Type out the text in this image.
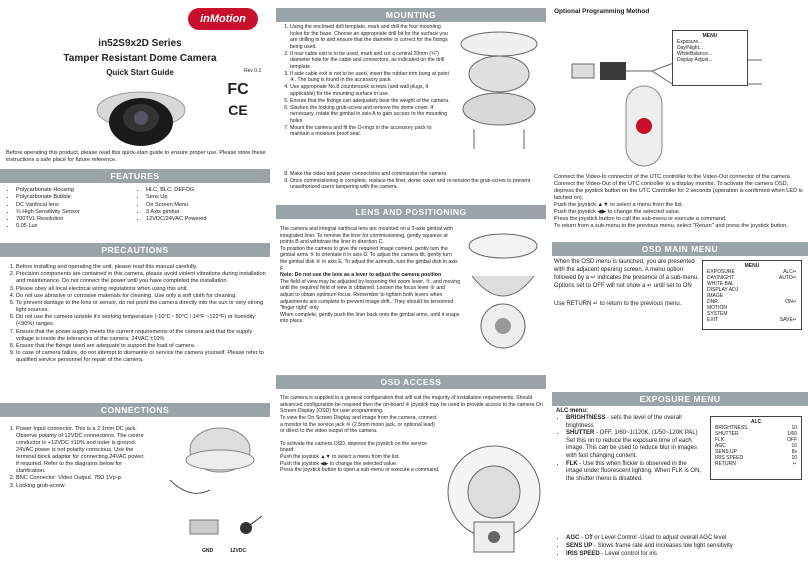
inMotion
in52S9x2D Series
Tamper Resistant Dome Camera
Quick Start Guide	Rev 0.1
FC
CE
Before operating this product, please read this quick-start guide to ensure proper use. Please store these instructions a safe place for future reference.
FEATURES
• Polycarbonate Housing
• Polycarbonate Bubble
• DC Varifocal lens
• ⅓ High Sensitivity Sensor
• 700TVL Resolution
• 0.05 Lux
• HLC, BLC, DEFOG
• Sens Up
• On Screen Menu
• 3 Axis gimbal
• 12VDC/24VAC Powered
PRECAUTIONS
1. Before installing and operating the unit, please read this manual carefully.
2. Precision components are contained in this camera, please avoid violent vibrations during installation and maintenance. Do not connect the power until you have completed the installation.
3. Please obey all local electrical wiring regulations when using this unit.
4. Do not use abrasive or corrosive materials for cleaning. Use only a soft cloth for cleaning.
5. To prevent damage to the lens or sensor, do not point the camera directly into the sun or very strong light sources.
6. Do not use the camera outside it's working temperature (-10°C~ 50°C / 14°F ~122°F) or humidity (<90%) ranges.
7. Ensure that the power supply meets the current requirements of the camera and that the supply voltage is inside the tolerances of the camera: 24VAC ±10%
8. Ensure that the fixings used are adequate to support the load of camera.
9. In case of camera failure, do not attempt to dismantle or service the camera yourself. Please refer to qualified service personnel for repair of the camera.
CONNECTIONS
1. Power Input connector. This is a 2.1mm DC jack. Observe polarity of 12VDC connections. The centre conductor is +12VDC ±10% and outer is ground. 24VAC power is not polarity conscious. Use the terminal block adaptor for connecting 24VAC power, if required. Refer to the diagrams below for clarification.
2. BNC Connector: Video Output. 75Ω 1Vp-p
3. Locking grub-screw
GND	12VDC
MOUNTING
1. Using the enclosed drill template, mark and drill the four mounting holes for the base. Choose an appropriate drill bit for the surface you are drilling in to and ensure that the diameter is correct for the fixings being used.
2. If rear cable exit is to be used, mark and cut a central 20mm (¾") diameter hole for the cable and connectors, as indicated on the drill template.
3. If side cable exit is not to be used, insert the rubber trim bung at point ④. The bung is found in the accessory pack.
4. Use appropriate No.8 countersunk screws (and wall plugs, if applicable) for the mounting surface in use.
5. Ensure that the fixings can adequately bear the weight of the camera.
6. Slacken the locking grub-screw and remove the dome cover. If necessary, rotate the gimbal in axis A to gain access to the mounting holes
7. Mount the camera and fit the O-rings in the accessory pack to maintain a moisture proof seal.
8. Make the video and power connections and commission the camera
9. Once commissioning is complete, replace the liner, dome cover and re-tension the grub-screw to prevent unauthorized users tampering with the camera.
LENS AND POSITIONING

The camera and integral varifocal lens are mounted on a 3-axis gimbal with integrated liner. To remove the liner for commissioning, gently squeeze at points B and withdraw the liner in direction C.

To position the camera to give the required image content, gently turn the gimbal arms ⑤ to orientate it in axis D. To adjust the camera tilt, gently turn the gimbal disk ⑥ in axis E. To adjust the azimuth, turn the gimbal disk in axis F.

Note: Do not use the lens as a lever to adjust the camera position

The field of view may be adjusted by loosening the zoom lever, ⑦, and moving until the required field of view is obtained. Loosen the focus lever ⑧ and adjust to obtain optimum focus. Remember to tighten both levers when adjustments are complete to prevent image drift.. They should be tensioned "finger tight" only

When complete, gently push the liner back onto the gimbal arms, until it snaps into place.

OSD ACCESS

The camera is supplied in a general configuration that will suit the majority of installation requirements. Should advanced configuration be required then the on-board ⑨ joystick may be used to provide access to the camera On Screen Display (OSD) for user programming.

To view the On Screen Display and image from the camera, connect a monitor to the service jack ⑩ (2.5mm mono jack, or optional lead) or direct to the video output of the camera.

To activate the camera OSD, depress the joystick on the service board

Push the joystick ▲▼ to select a menu from the list.

Push the joystick ◀▶ to change the selected value.

Press the joystick button to open a sub-menu or execute a command.

Optional Programming Method
MENU
Exposure...
Day/Night...
WhiteBalance...
Display Adjust...

Connect the Video-In connector of the UTC controller to the Video-Out connector of the camera. Connect the Video-Out of the UTC controller to a display monitor. To activate the camera OSD, depress the joystick button on the UTC Controller for 2 seconds (operation is confirmed when LED is latched on).

Push the joystick ▲▼ to select a menu from the list.

Push the joystick ◀▶ to change the selected value.

Press the joystick button to call the sub-menu or execute a command.

To return from a sub-menu to the previous menu, select "Return" and press the joystick button.

OSD MAIN MENU

When the OSD menu is launched, you are presented with the adjacent opening screen. A menu option followed by a ↵ indicates the presence of a sub-menu. Options set to OFF will not show a ↵ until set to ON

Use RETURN ↵ to return to the previous menu.

MENU
EXPOSURE	ALC↵
DAY/NIGHT	AUTO↵
WHITE BAL
DISPLAY ADJ
IMAGE
DNR	ON↵
MOTION
SYSTEM
EXIT	SAVE↵
EXPOSURE MENU
ALC menu:
• BRIGHTNESS - sets the level of the overall brightness
• SHUTTER - OFF, 1/60~1/120K. (1/50~120K PAL) Set this on to reduce the exposure time of each image. This can be used to reduce blur in images with fast changing content.
• FLK - Use this when flicker is observed in the image under fluorescent lighting. When FLK is ON, the shutter menu is disabled.
• AGC - Off or Level Control -Used to adjust overall AGC level
• SENS UP - Slows frame rate and increases low light sensitivity
• IRIS SPEED - Level control for iris
ALC
BRIGHTNESS	10
SHUTTER	1/60
FLK	OFF
AGC	10
SENS UP	8x
IRIS SPEED	10
RETURN	↵
